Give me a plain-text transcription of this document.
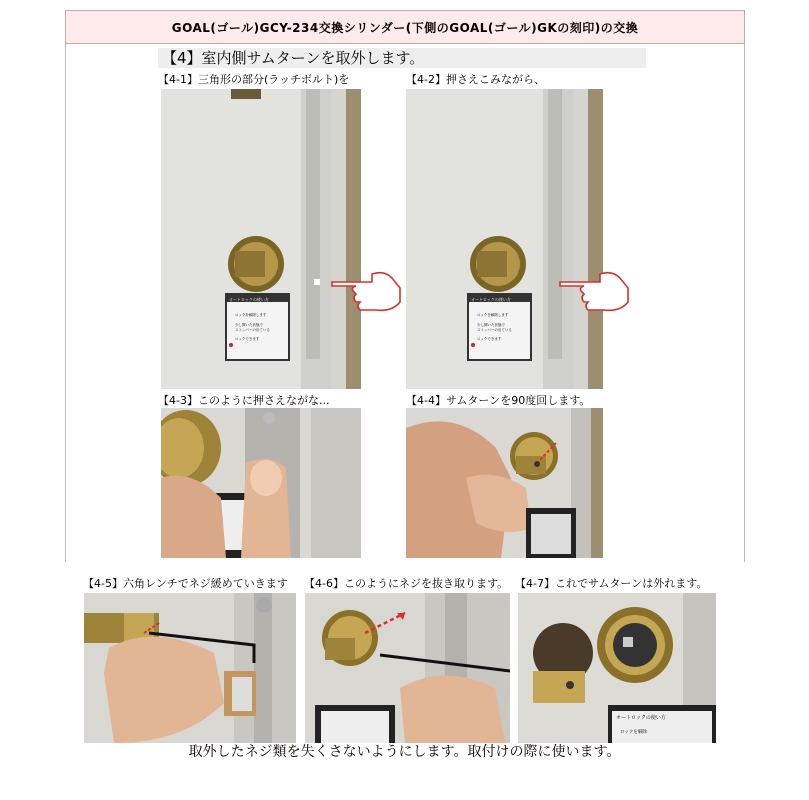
GOAL(ゴール)GCY-234交換シリンダー(下側のGOAL(ゴール)GKの刻印)の交換
【4】室内側サムターンを取外します。
【4-1】三角形の部分(ラッチボルト)を
オートロックの使い方
ロックを解除します
少し開いた状態で
ストッパーの出ている
ロックできます
【4-2】押さえこみながら、
オートロックの使い方
ロックを解除します
少し開いた状態で
ストッパーの出ている
ロックできます
【4-3】このように押さえながな...	【4-4】サムターンを90度回します。
【4-5】六角レンチでネジ緩めていきます 【4-6】このようにネジを抜き取ります。 【4-7】これでサムターンは外れます。
オートロックの使い方
ロックを解除
取外したネジ類を失くさないようにします。取付けの際に使います。
